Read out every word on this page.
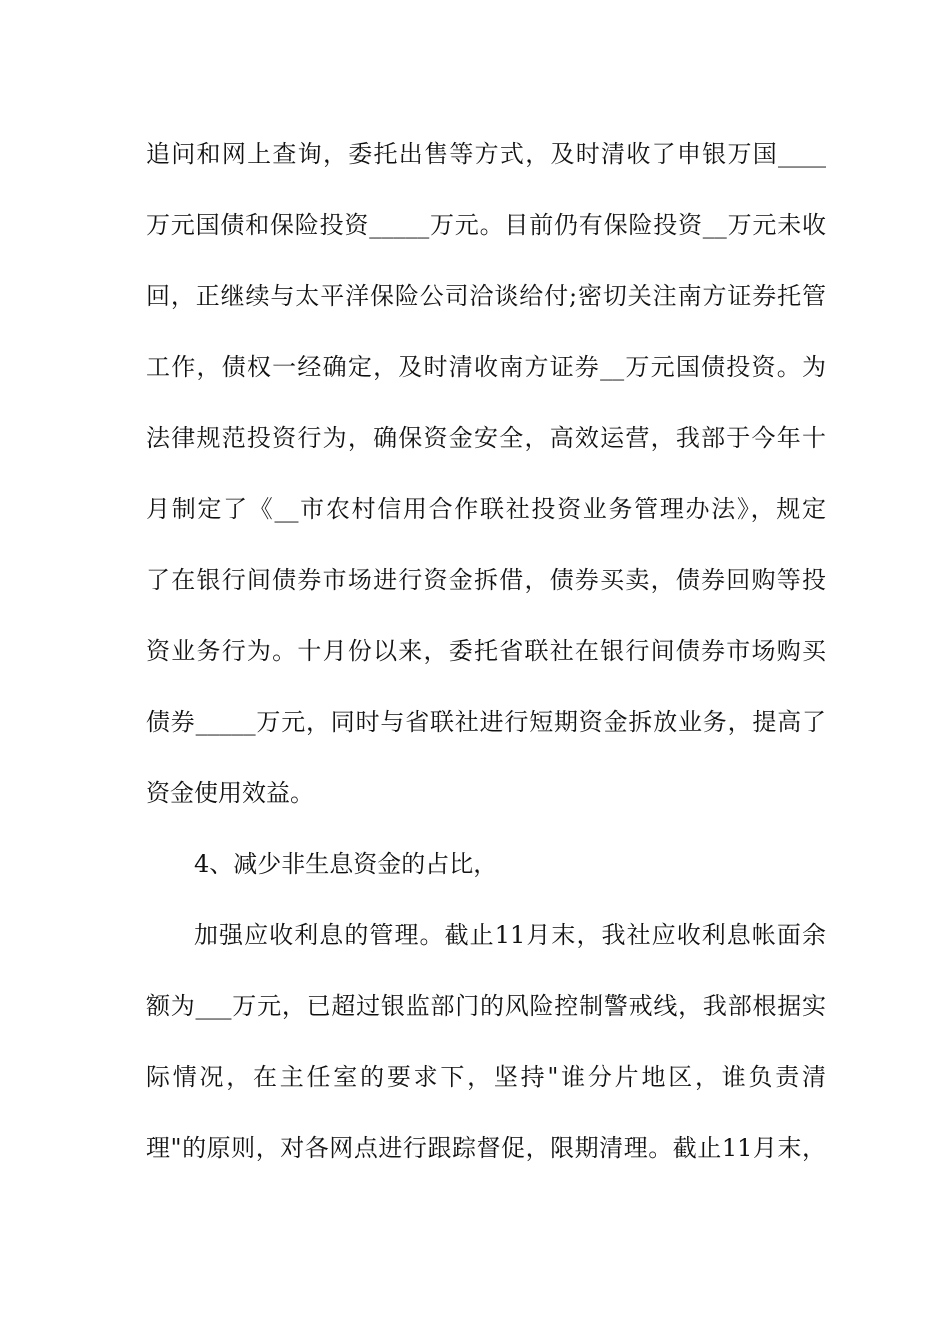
追问和网上查询，委托出售等方式，及时清收了申银万国____
万元国债和保险投资_____万元。目前仍有保险投资__万元未收
回，正继续与太平洋保险公司洽谈给付;密切关注南方证券托管
工作，债权一经确定，及时清收南方证券__万元国债投资。为
法律规范投资行为，确保资金安全，高效运营，我部于今年十
月制定了《__市农村信用合作联社投资业务管理办法》，规定
了在银行间债券市场进行资金拆借，债券买卖，债券回购等投
资业务行为。十月份以来，委托省联社在银行间债券市场购买
债券_____万元，同时与省联社进行短期资金拆放业务，提高了
资金使用效益。
4、减少非生息资金的占比，
加强应收利息的管理。截止11月末，我社应收利息帐面余
额为___万元，已超过银监部门的风险控制警戒线，我部根据实
际情况，在主任室的要求下，坚持"谁分片地区，谁负责清
理"的原则，对各网点进行跟踪督促，限期清理。截止11月末，
